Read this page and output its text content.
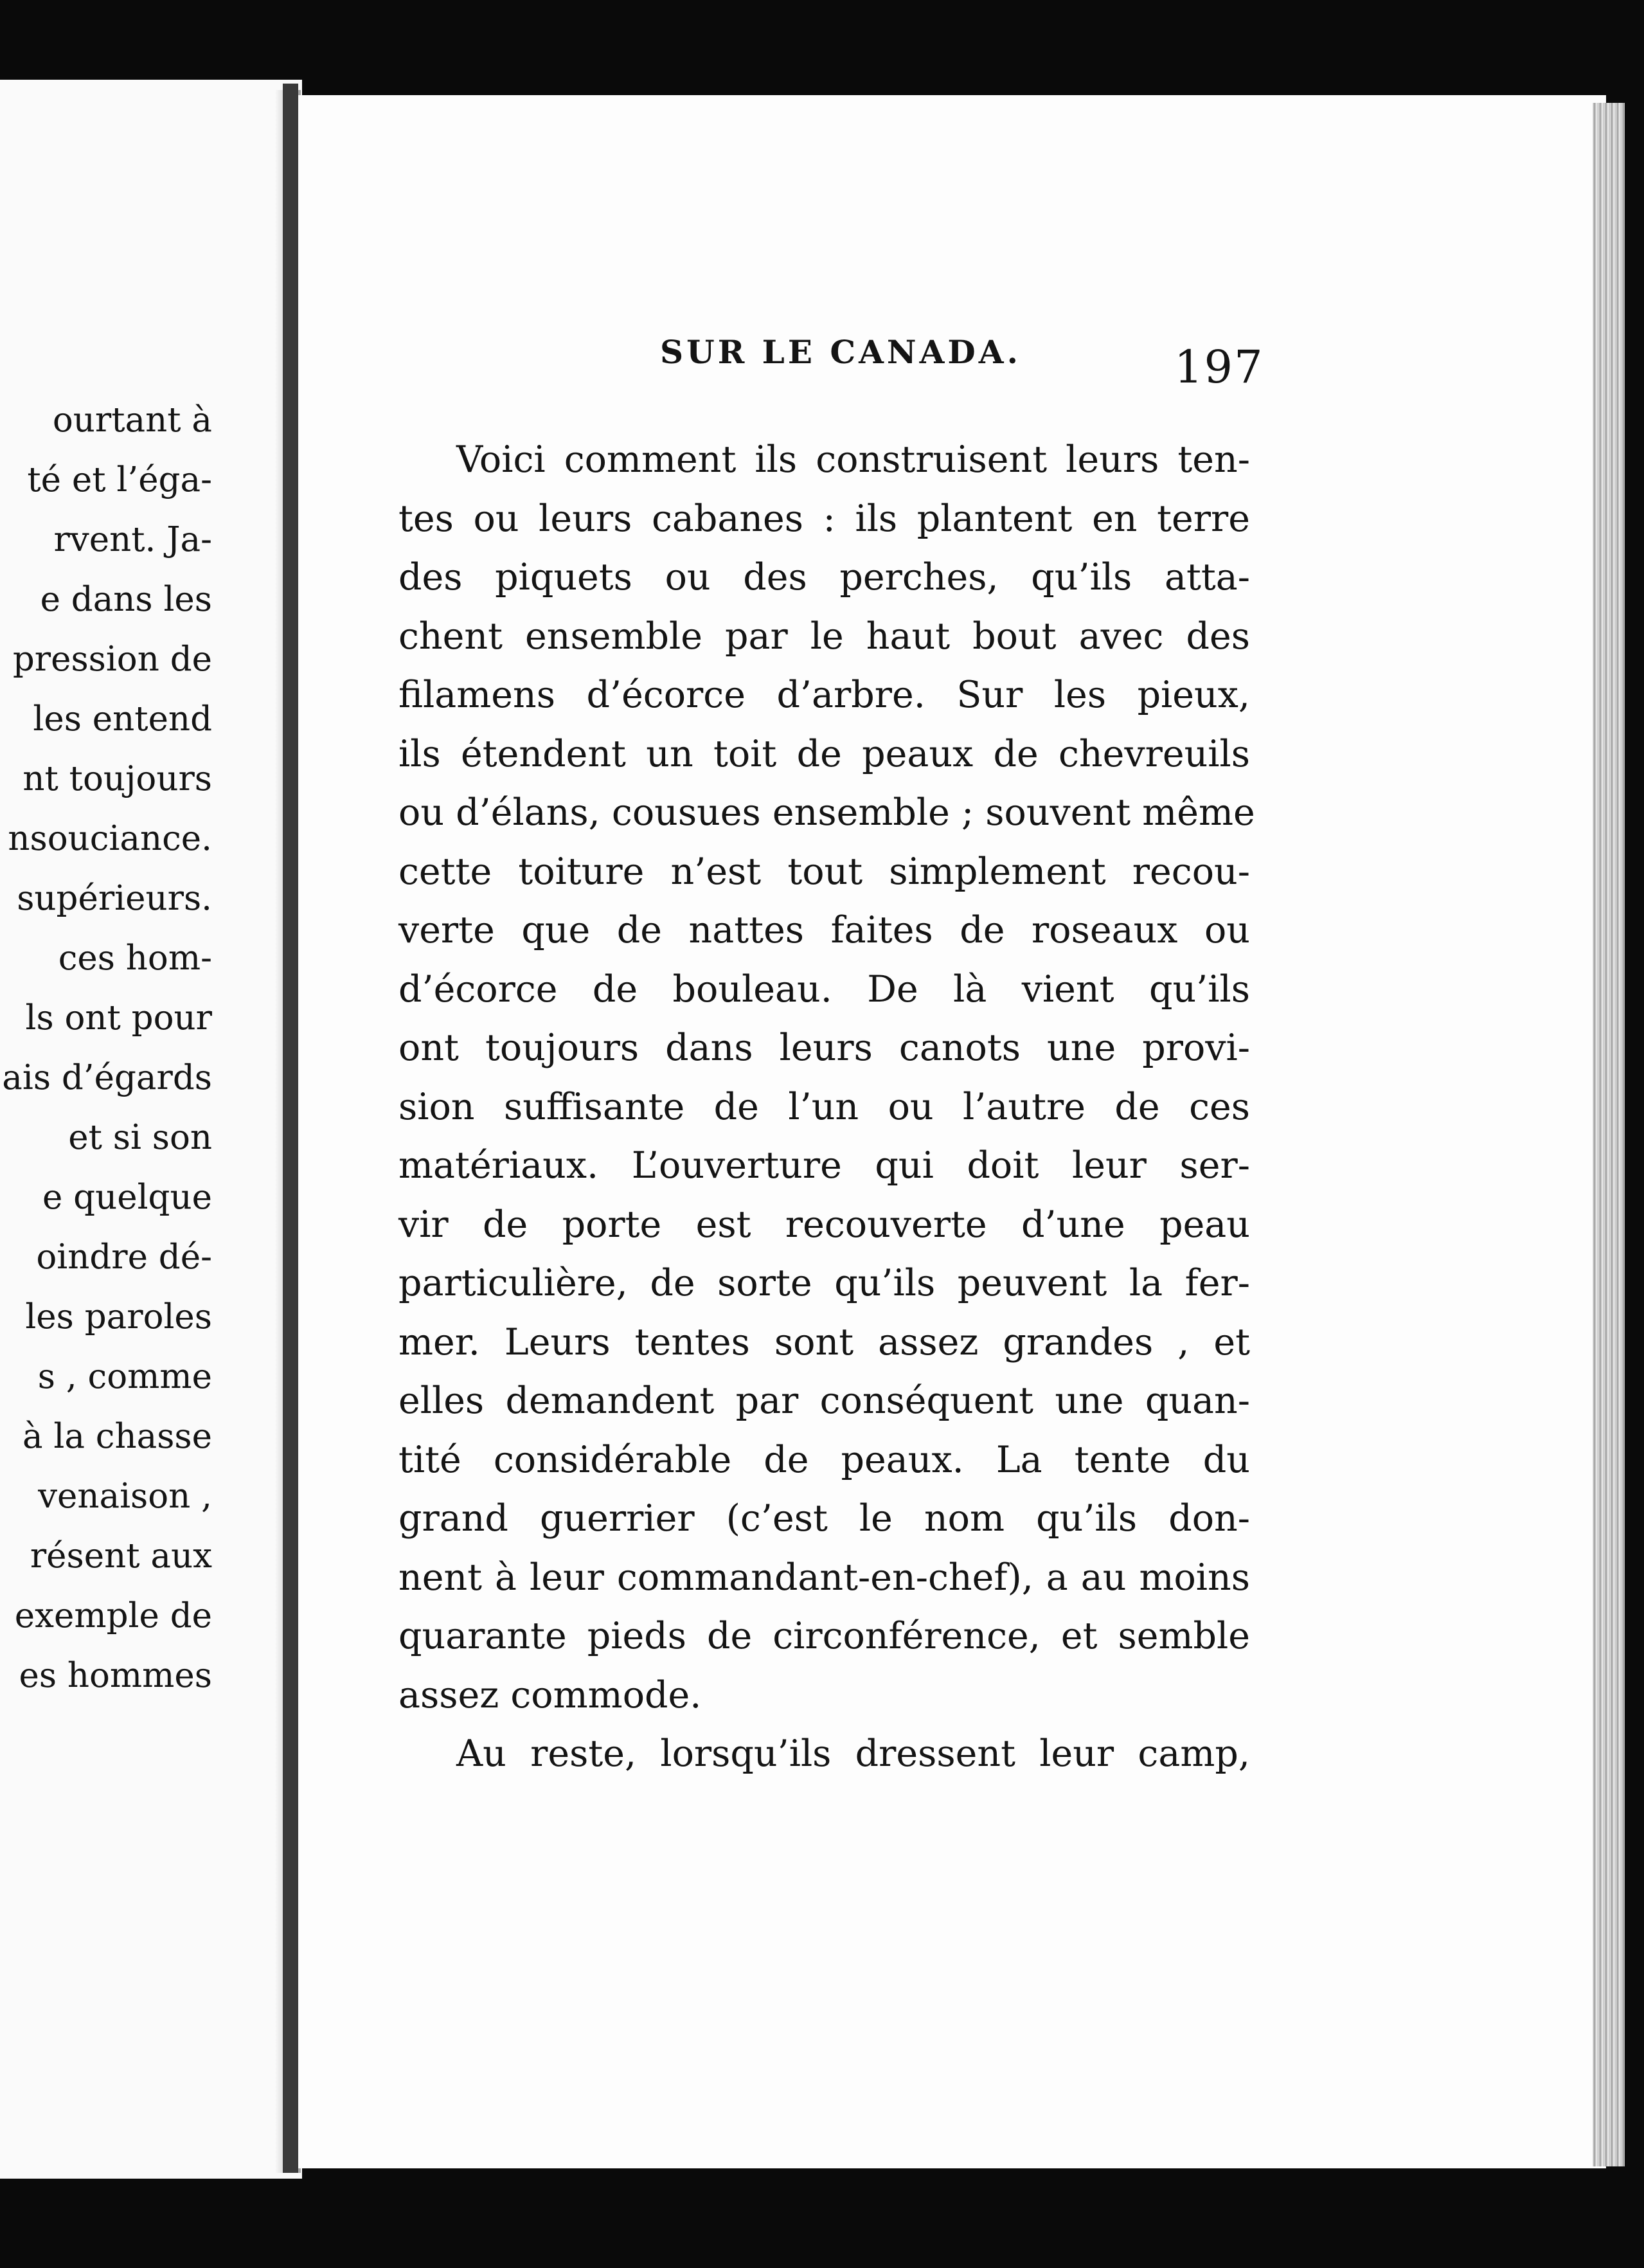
ourtant à
té et l’éga-
rvent. Ja-
e dans les
pression de
les entend
nt toujours
nsouciance.
supérieurs.
ces hom-
ls ont pour
ais d’égards
et si son
e quelque
oindre dé-
les paroles
s , comme
à la chasse
venaison ,
résent aux
exemple de
es hommes
SUR LE CANADA.	197
Voici comment ils construisent leurs ten-
tes ou leurs cabanes : ils plantent en terre
des piquets ou des perches, qu’ils atta-
chent ensemble par le haut bout avec des
filamens d’écorce d’arbre. Sur les pieux,
ils étendent un toit de peaux de chevreuils
ou d’élans, cousues ensemble ; souvent même
cette toiture n’est tout simplement recou-
verte que de nattes faites de roseaux ou
d’écorce de bouleau. De là vient qu’ils
ont toujours dans leurs canots une provi-
sion suffisante de l’un ou l’autre de ces
matériaux. L’ouverture qui doit leur ser-
vir de porte est recouverte d’une peau
particulière, de sorte qu’ils peuvent la fer-
mer. Leurs tentes sont assez grandes , et
elles demandent par conséquent une quan-
tité considérable de peaux. La tente du
grand guerrier (c’est le nom qu’ils don-
nent à leur commandant-en-chef), a au moins
quarante pieds de circonférence, et semble
assez commode.
Au reste, lorsqu’ils dressent leur camp,
